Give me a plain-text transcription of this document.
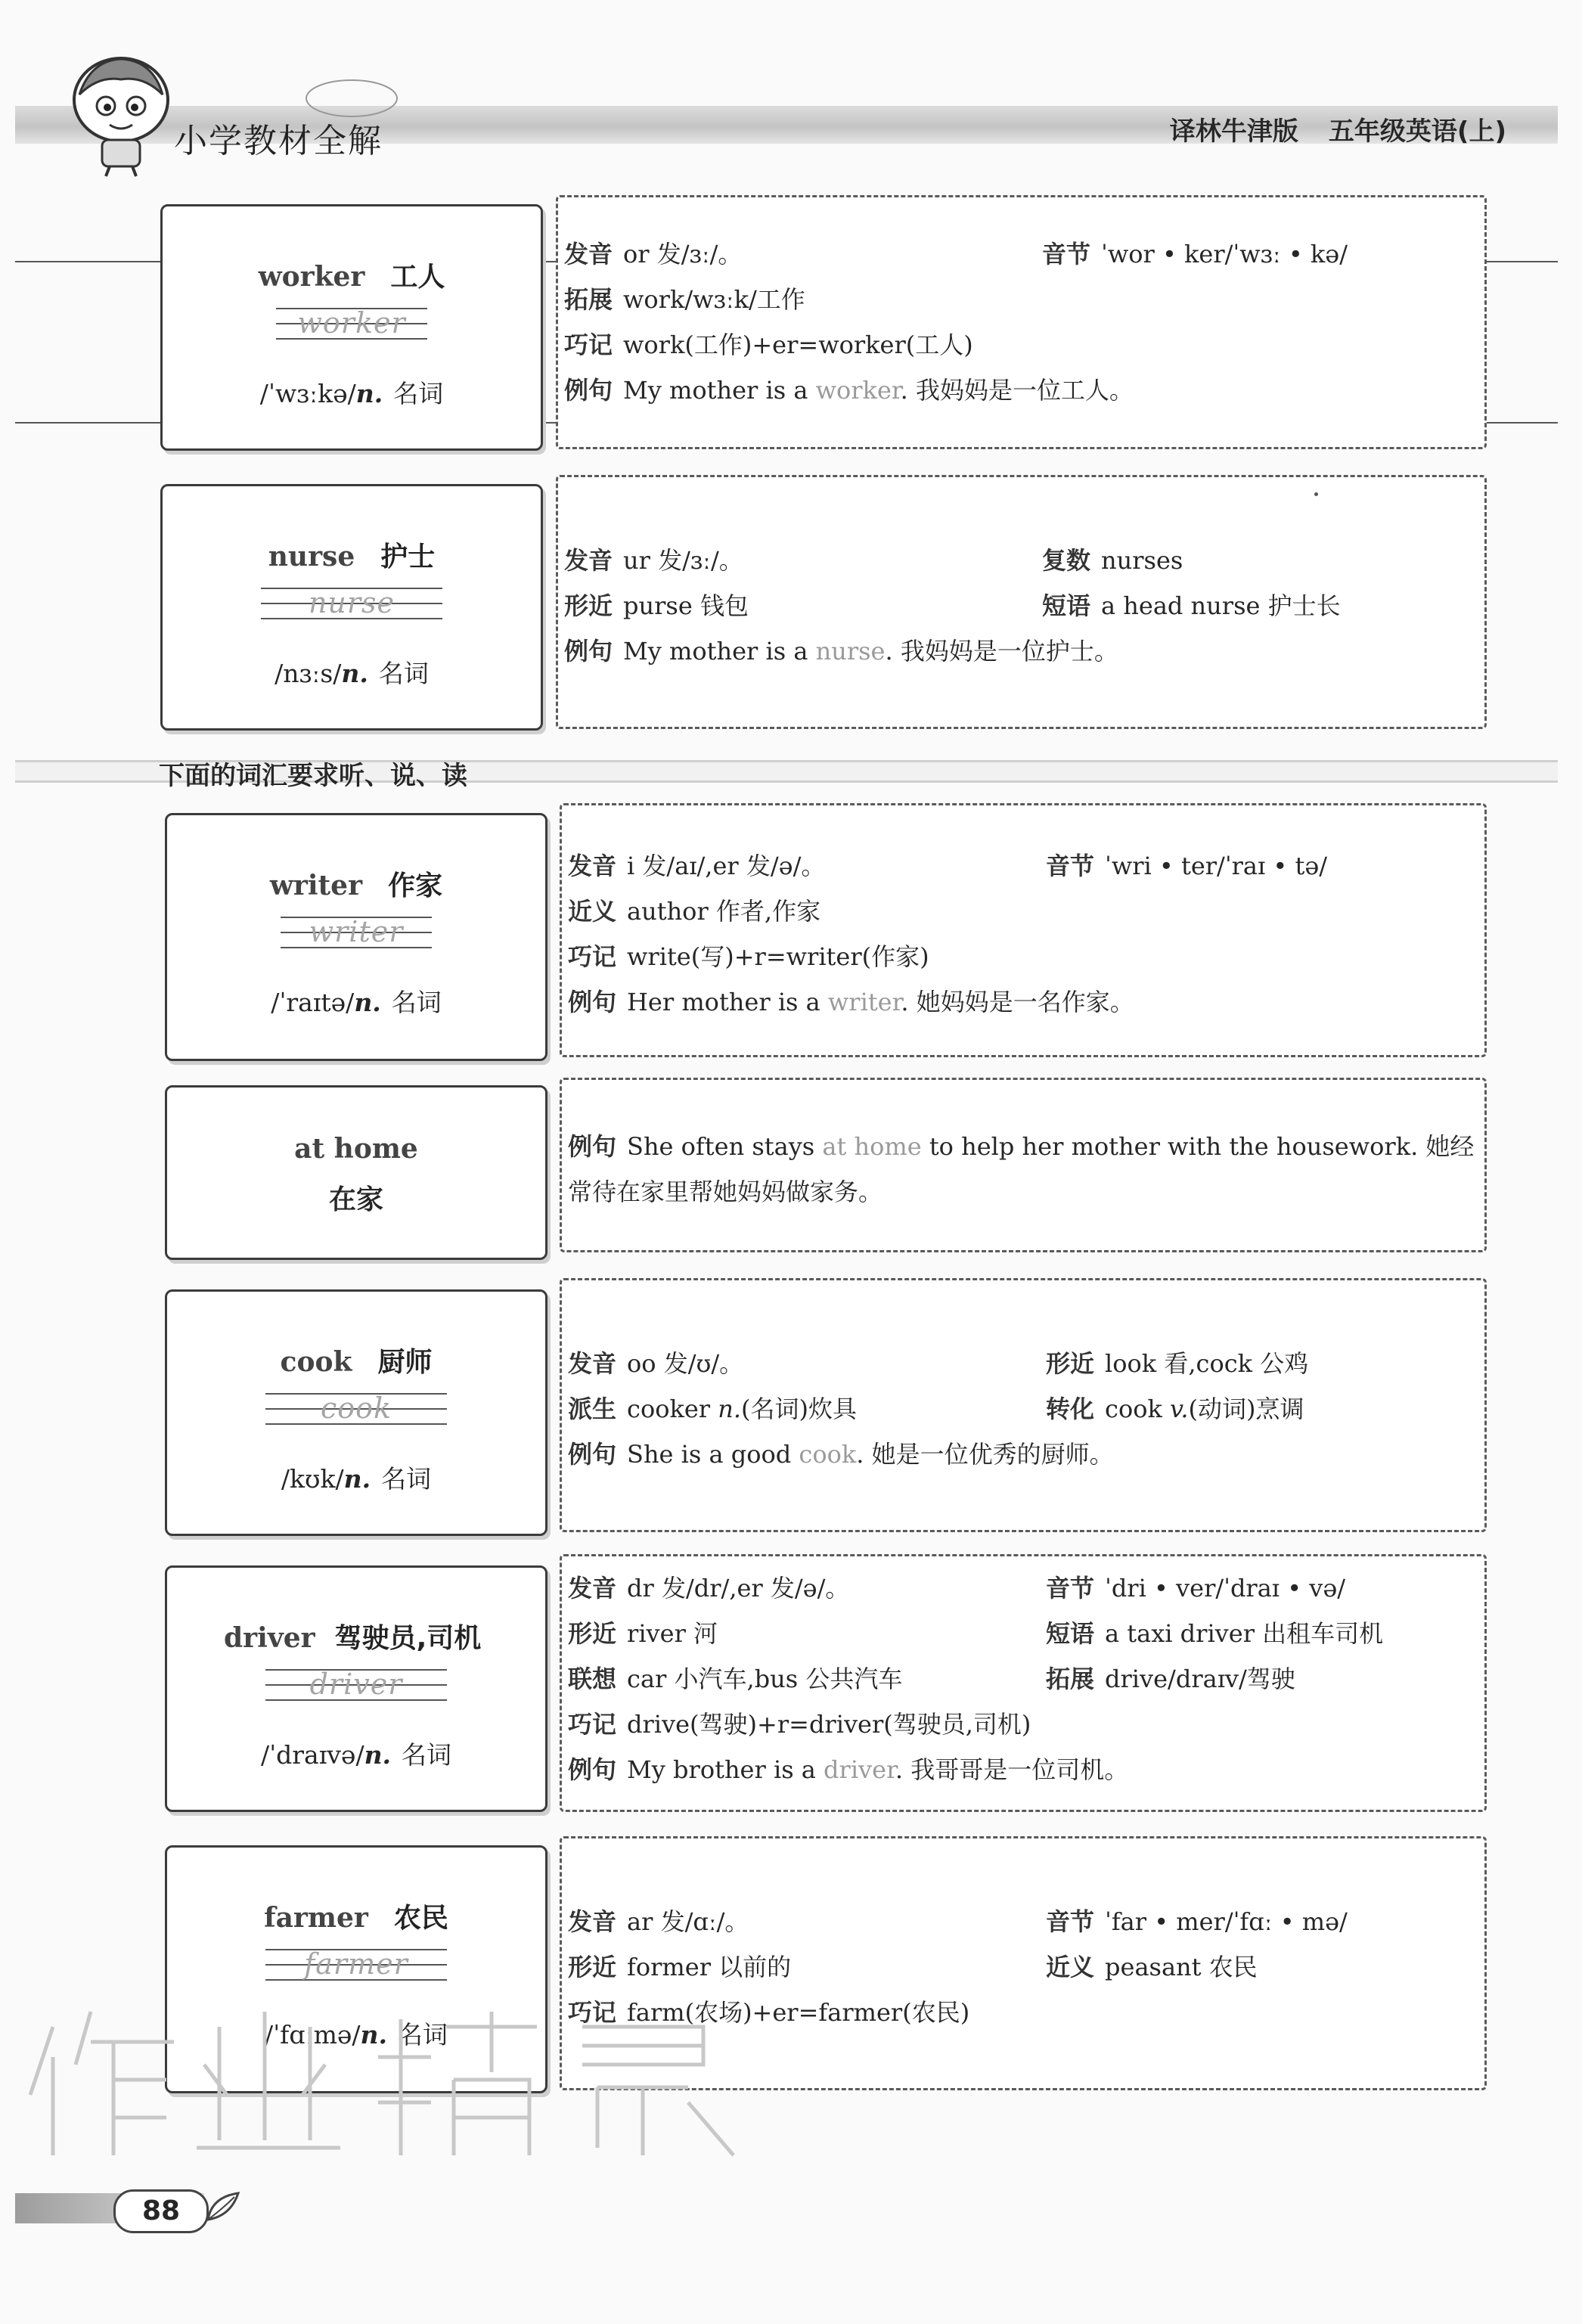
小学教材全解	译林牛津版 五年级英语(上)
worker 工人
worker
/ˈwɜːkə/n. 名词
发音 or 发/ɜː/。	音节 ˈwor • ker/ˈwɜː • kə/
拓展 work/wɜːk/工作
巧记 work(工作)+er=worker(工人)
例句 My mother is a worker. 我妈妈是一位工人。
nurse 护士
nurse
/nɜːs/n. 名词
发音 ur 发/ɜː/。	复数 nurses
形近 purse 钱包	短语 a head nurse 护士长
例句 My mother is a nurse. 我妈妈是一位护士。
下面的词汇要求听、说、读
writer 作家
writer
/ˈraɪtə/n. 名词
发音 i 发/aɪ/,er 发/ə/。	音节 ˈwri • ter/ˈraɪ • tə/
近义 author 作者,作家
巧记 write(写)+r=writer(作家)
例句 Her mother is a writer. 她妈妈是一名作家。
at home
在家
例句 She often stays at home to help her mother with the housework. 她经常待在家里帮她妈妈做家务。
cook 厨师
cook
/kʊk/n. 名词
发音 oo 发/ʊ/。	形近 look 看,cock 公鸡
派生 cooker n.(名词)炊具	转化 cook v.(动词)烹调
例句 She is a good cook. 她是一位优秀的厨师。
driver 驾驶员,司机
driver
/ˈdraɪvə/n. 名词
发音 dr 发/dr/,er 发/ə/。	音节 ˈdri • ver/ˈdraɪ • və/
形近 river 河	短语 a taxi driver 出租车司机
联想 car 小汽车,bus 公共汽车	拓展 drive/draɪv/驾驶
巧记 drive(驾驶)+r=driver(驾驶员,司机)
例句 My brother is a driver. 我哥哥是一位司机。
farmer 农民
farmer
/ˈfɑːmə/n. 名词
发音 ar 发/ɑː/。	音节 ˈfar • mer/ˈfɑː • mə/
形近 former 以前的	近义 peasant 农民
巧记 farm(农场)+er=farmer(农民)
88
